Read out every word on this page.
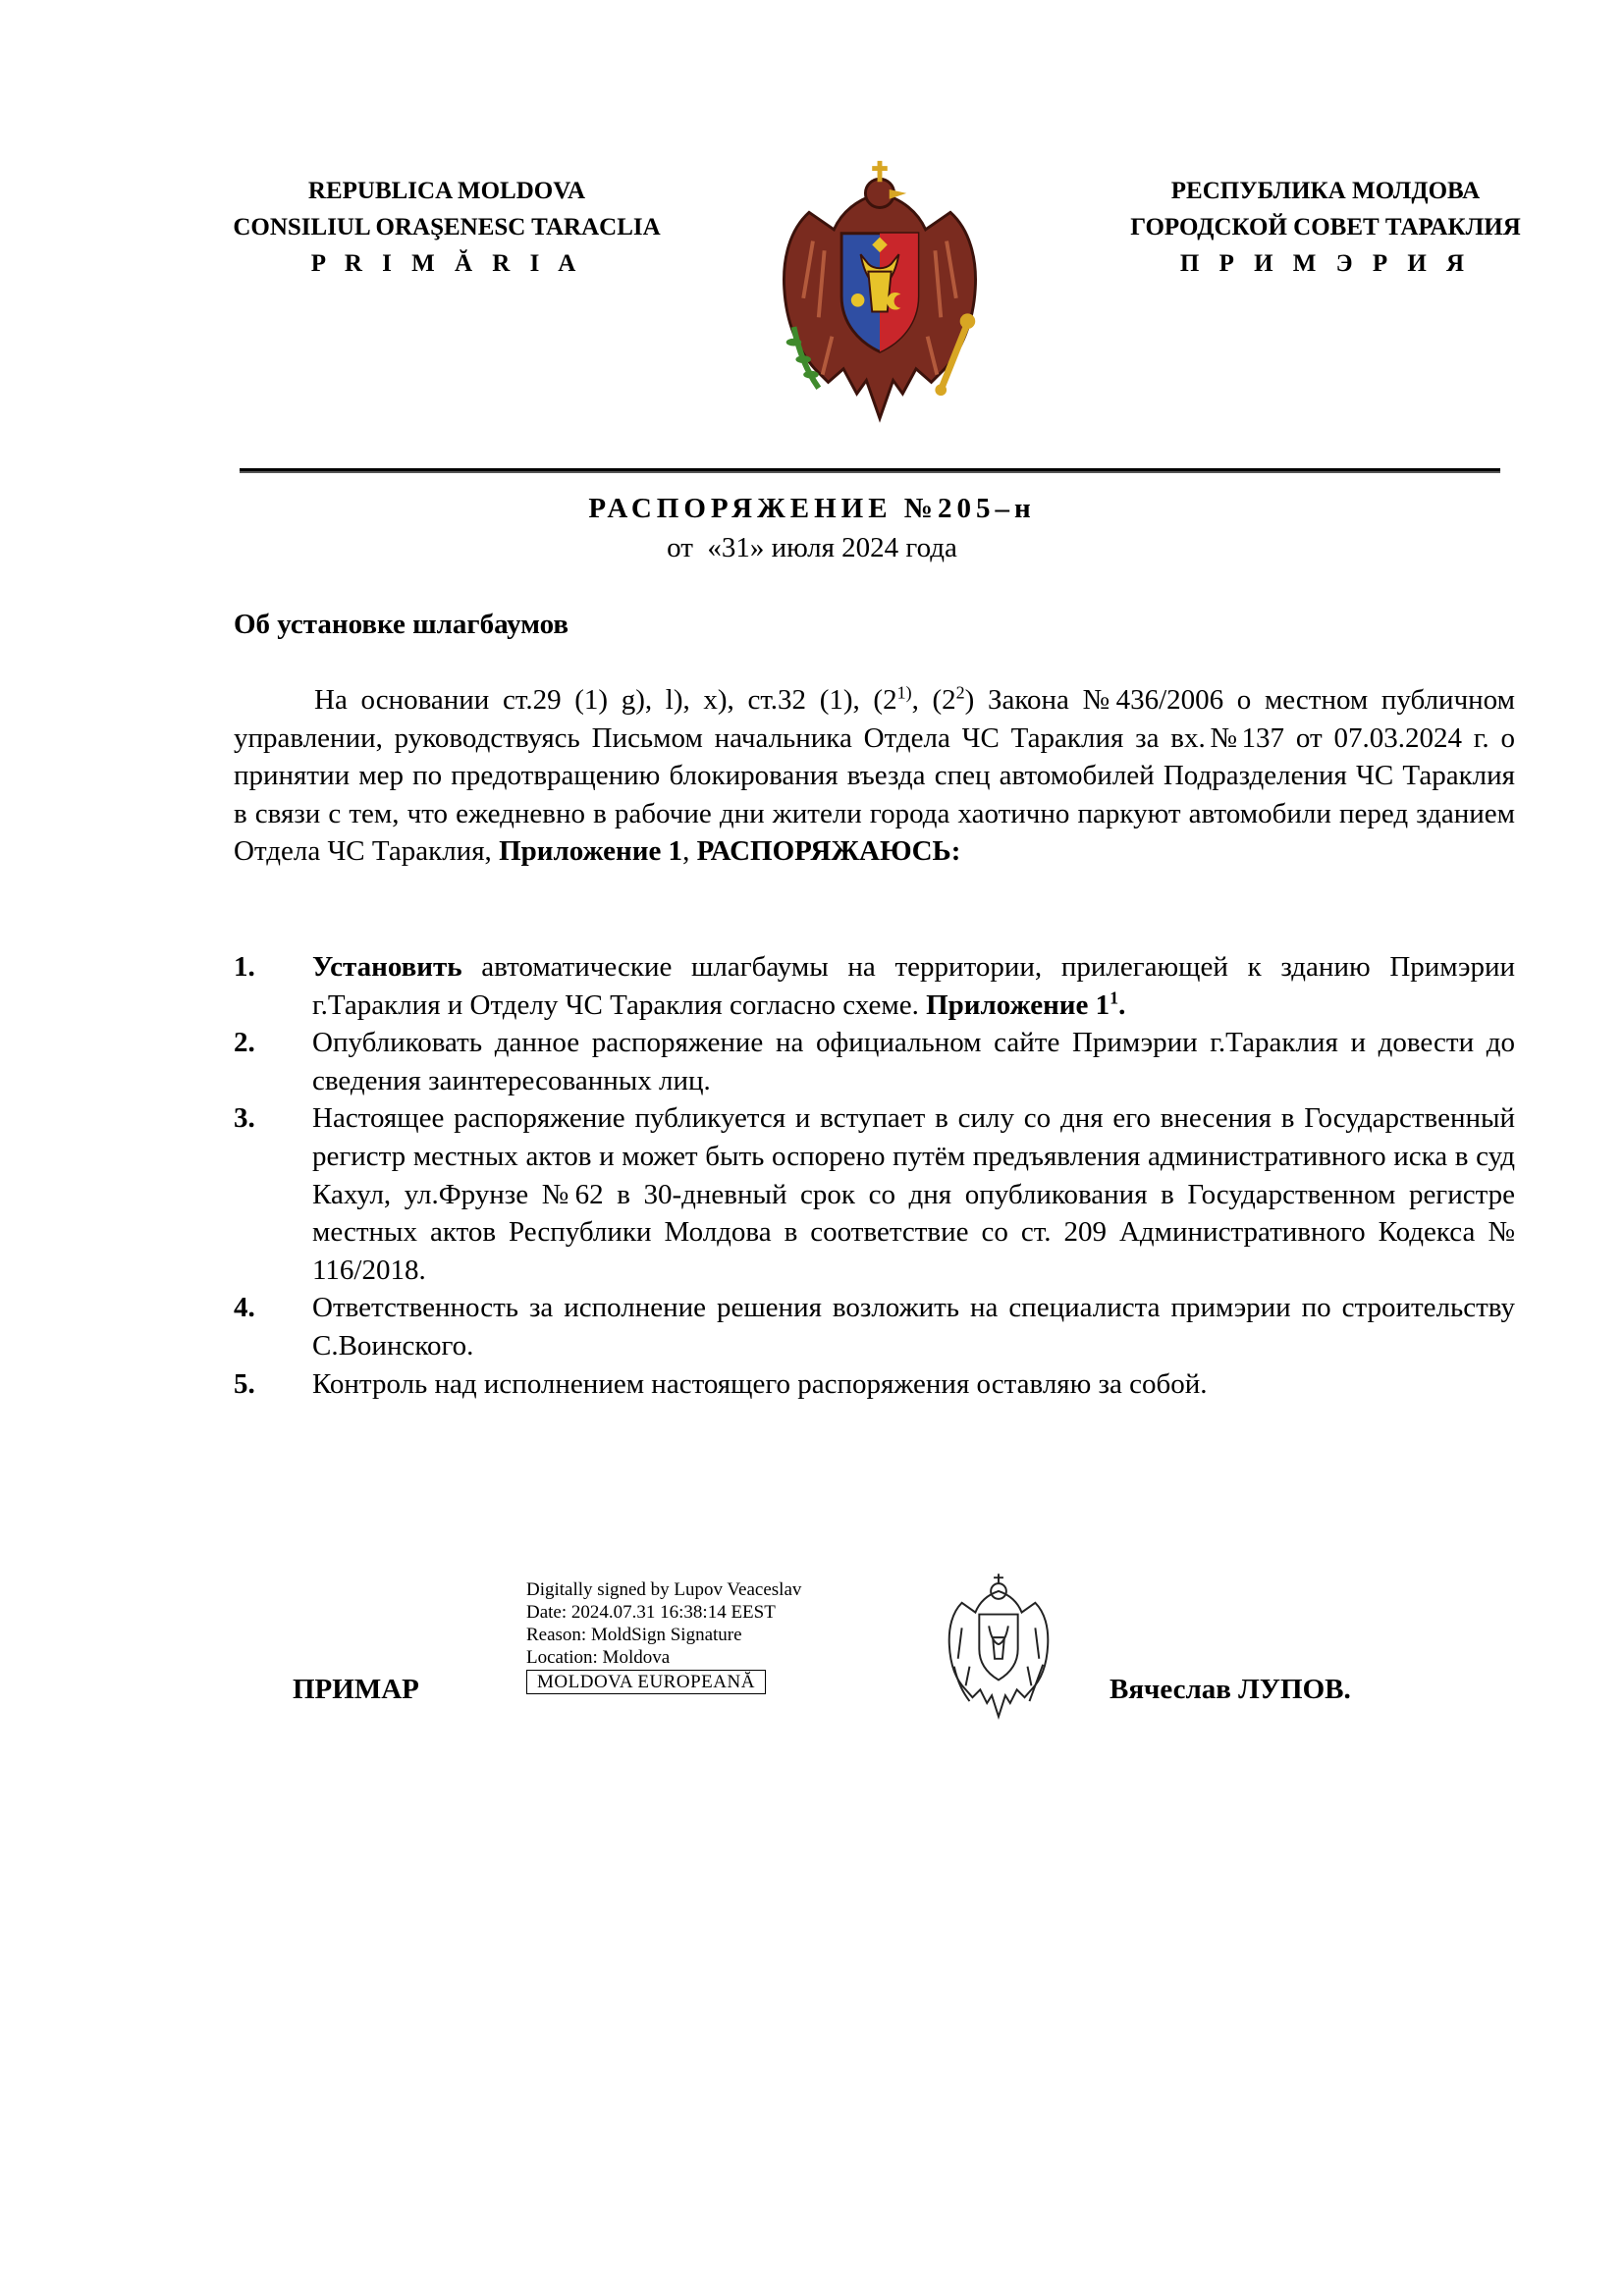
REPUBLICA MOLDOVA
CONSILIUL ORAŞENESC TARACLIA
P R I M Ă R I A
РЕСПУБЛИКА МОЛДОВА
ГОРОДСКОЙ СОВЕТ ТАРАКЛИЯ
П Р И М Э Р И Я
РАСПОРЯЖЕНИЕ №205–н
от  «31» июля 2024 года
Об установке шлагбаумов

На основании ст.29 (1) g), l), x), ст.32 (1), (2$^{1)}$, $(2^2)$ Закона №436/2006 о местном публичном управлении, руководствуясь Письмом начальника Отдела ЧС Тараклия за вх.№137 от 07.03.2024 г. о принятии мер по предотвращению блокирования въезда спец автомобилей Подразделения ЧС Тараклия в связи с тем, что ежедневно в рабочие дни жители города хаотично паркуют автомобили перед зданием Отдела ЧС Тараклия, Приложение 1, РАСПОРЯЖАЮСЬ:

1. Установить автоматические шлагбаумы на территории, прилегающей к зданию Примэрии г.Тараклия и Отделу ЧС Тараклия согласно схеме. Приложение $1^1$.
2. Опубликовать данное распоряжение на официальном сайте Примэрии г.Тараклия и довести до сведения заинтересованных лиц.
3. Настоящее распоряжение публикуется и вступает в силу со дня его внесения в Государственный регистр местных актов и может быть оспорено путём предъявления административного иска в суд Кахул, ул.Фрунзе №62 в 30-дневный срок со дня опубликования в Государственном регистре местных актов Республики Молдова в соответствие со ст. 209 Административного Кодекса № 116/2018.
4. Ответственность за исполнение решения возложить на специалиста примэрии по строительству С.Воинского.
5. Контроль над исполнением настоящего распоряжения оставляю за собой.
ПРИМАР
Digitally signed by Lupov Veaceslav
Date: 2024.07.31 16:38:14 EEST
Reason: MoldSign Signature
Location: Moldova
MOLDOVA EUROPEANĂ	Вячеслав ЛУПОВ.
